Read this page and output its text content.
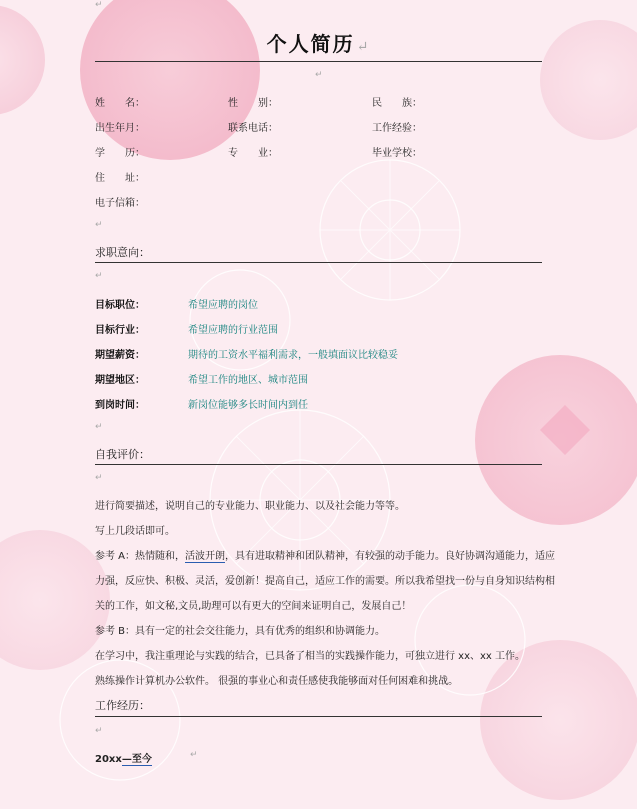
↵
个人简历 ↵
↵
姓　　名：	性　　别：	民　　族：
出生年月：	联系电话：	工作经验：
学　　历：	专　　业：	毕业学校：
住　　址：
电子信箱：
↵
求职意向：
↵
目标职位：	希望应聘的岗位
目标行业：	希望应聘的行业范围
期望薪资：	期待的工资水平福利需求，一般填面议比较稳妥
期望地区：	希望工作的地区、城市范围
到岗时间：	新岗位能够多长时间内到任
↵
自我评价：
↵
进行简要描述，说明自己的专业能力、职业能力、以及社会能力等等。
写上几段话即可。
参考 A：热情随和，活波开朗，具有进取精神和团队精神，有较强的动手能力。良好协调沟通能力，适应
力强，反应快、积极、灵活，爱创新！提高自己，适应工作的需要。所以我希望找一份与自身知识结构相
关的工作，如文秘,文员,助理可以有更大的空间来证明自己，发展自己！
参考 B：具有一定的社会交往能力，具有优秀的组织和协调能力。
在学习中，我注重理论与实践的结合，已具备了相当的实践操作能力，可独立进行 xx、xx 工作。
熟练操作计算机办公软件。 很强的事业心和责任感使我能够面对任何困难和挑战。
工作经历：
↵
20xx—至今	↵
